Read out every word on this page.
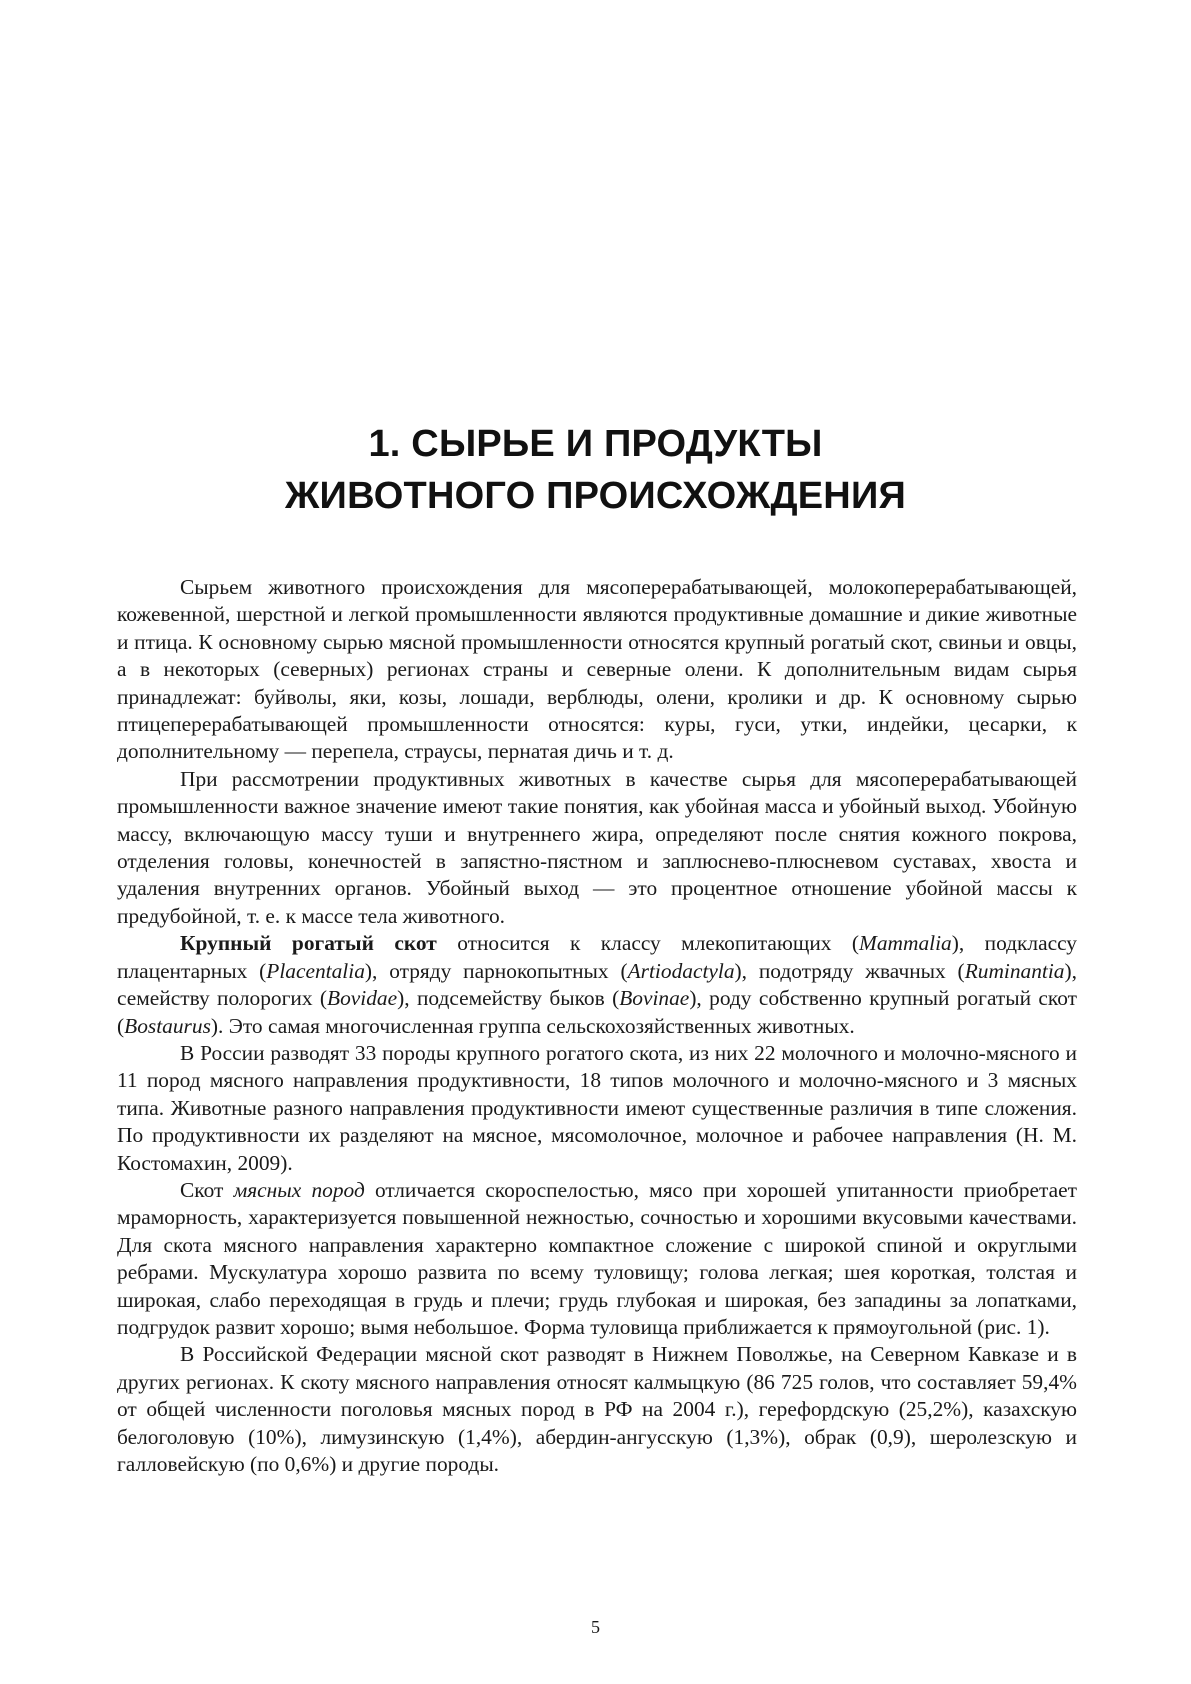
1. СЫРЬЕ И ПРОДУКТЫ
ЖИВОТНОГО ПРОИСХОЖДЕНИЯ

Сырьем животного происхождения для мясоперерабатывающей, молокоперерабатывающей, кожевенной, шерстной и легкой промышленности являются продуктивные домашние и дикие животные и птица. К основному сырью мясной промышленности относятся крупный рогатый скот, свиньи и овцы, а в некоторых (северных) регионах страны и северные олени. К дополнительным видам сырья принадлежат: буйволы, яки, козы, лошади, верблюды, олени, кролики и др. К основному сырью птицеперерабатывающей промышленности относятся: куры, гуси, утки, индейки, цесарки, к дополнительному — перепела, страусы, пернатая дичь и т. д.

При рассмотрении продуктивных животных в качестве сырья для мясоперерабатывающей промышленности важное значение имеют такие понятия, как убойная масса и убойный выход. Убойную массу, включающую массу туши и внутреннего жира, определяют после снятия кожного покрова, отделения головы, конечностей в запястно-пястном и заплюснево-плюсневом суставах, хвоста и удаления внутренних органов. Убойный выход — это процентное отношение убойной массы к предубойной, т. е. к массе тела животного.

Крупный рогатый скот относится к классу млекопитающих (Mammalia), подклассу плацентарных (Placentalia), отряду парнокопытных (Artiodactyla), подотряду жвачных (Ruminantia), семейству полорогих (Bovidae), подсемейству быков (Bovinae), роду собственно крупный рогатый скот (Bostaurus). Это самая многочисленная группа сельскохозяйственных животных.

В России разводят 33 породы крупного рогатого скота, из них 22 молочного и молочно-мясного и 11 пород мясного направления продуктивности, 18 типов молочного и молочно-мясного и 3 мясных типа. Животные разного направления продуктивности имеют существенные различия в типе сложения. По продуктивности их разделяют на мясное, мясомолочное, молочное и рабочее направления (Н. М. Костомахин, 2009).

Скот мясных пород отличается скороспелостью, мясо при хорошей упитанности приобретает мраморность, характеризуется повышенной нежностью, сочностью и хорошими вкусовыми качествами. Для скота мясного направления характерно компактное сложение с широкой спиной и округлыми ребрами. Мускулатура хорошо развита по всему туловищу; голова легкая; шея короткая, толстая и широкая, слабо переходящая в грудь и плечи; грудь глубокая и широкая, без западины за лопатками, подгрудок развит хорошо; вымя небольшое. Форма туловища приближается к прямоугольной (рис. 1).

В Российской Федерации мясной скот разводят в Нижнем Поволжье, на Северном Кавказе и в других регионах. К скоту мясного направления относят калмыцкую (86 725 голов, что составляет 59,4% от общей численности поголовья мясных пород в РФ на 2004 г.), герефордскую (25,2%), казахскую белоголовую (10%), лимузинскую (1,4%), абердин-ангусскую (1,3%), обрак (0,9), шеролезскую и галловейскую (по 0,6%) и другие породы.

5
